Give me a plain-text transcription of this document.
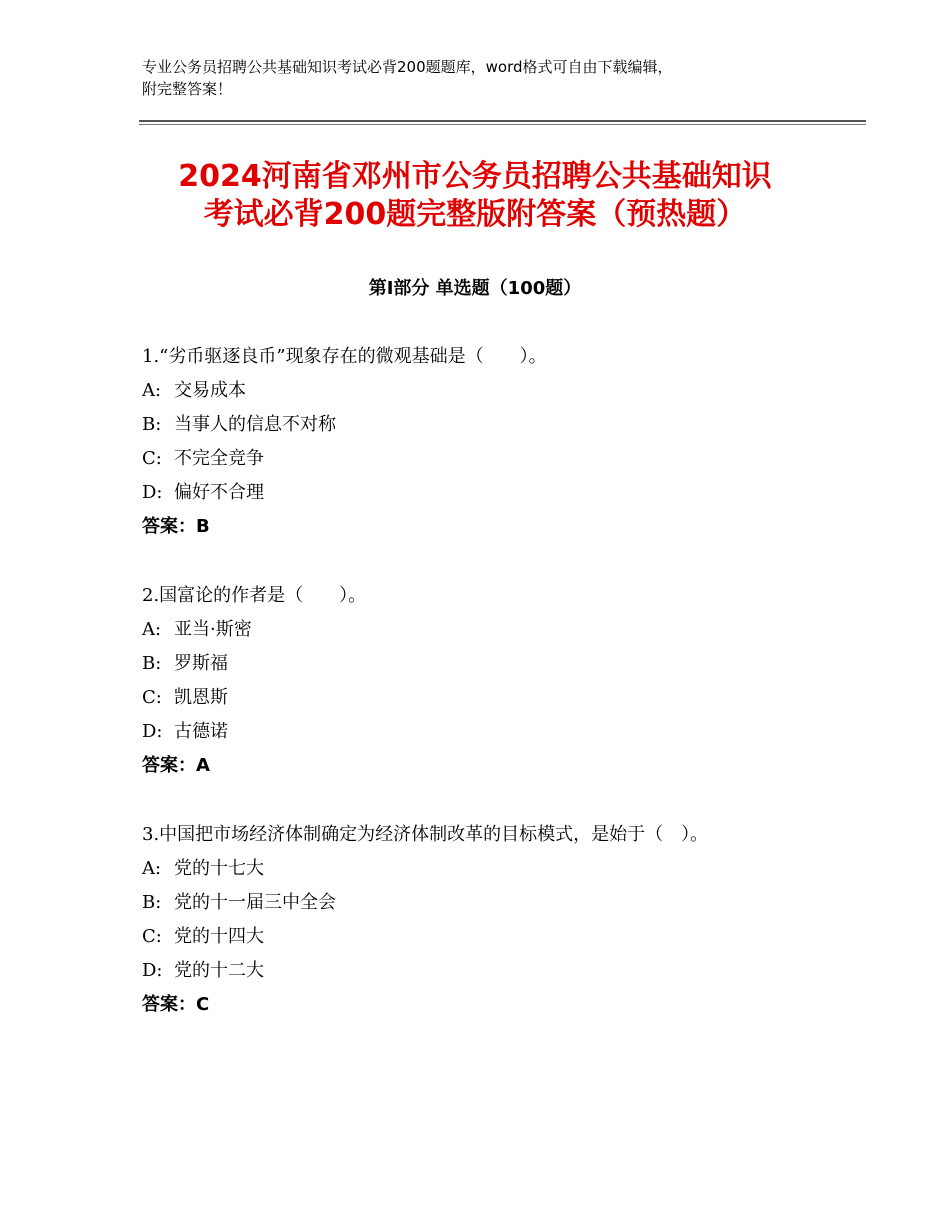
专业公务员招聘公共基础知识考试必背200题题库，word格式可自由下载编辑，
附完整答案！
2024河南省邓州市公务员招聘公共基础知识
考试必背200题完整版附答案（预热题）
第Ⅰ部分 单选题（100题）

1.“劣币驱逐良币”现象存在的微观基础是（　　）。

A: 交易成本

B: 当事人的信息不对称

C: 不完全竞争

D: 偏好不合理

答案：B

2.国富论的作者是（　　）。

A: 亚当·斯密

B: 罗斯福

C: 凯恩斯

D: 古德诺

答案：A

3.中国把市场经济体制确定为经济体制改革的目标模式，是始于（　）。

A: 党的十七大

B: 党的十一届三中全会

C: 党的十四大

D: 党的十二大

答案：C
